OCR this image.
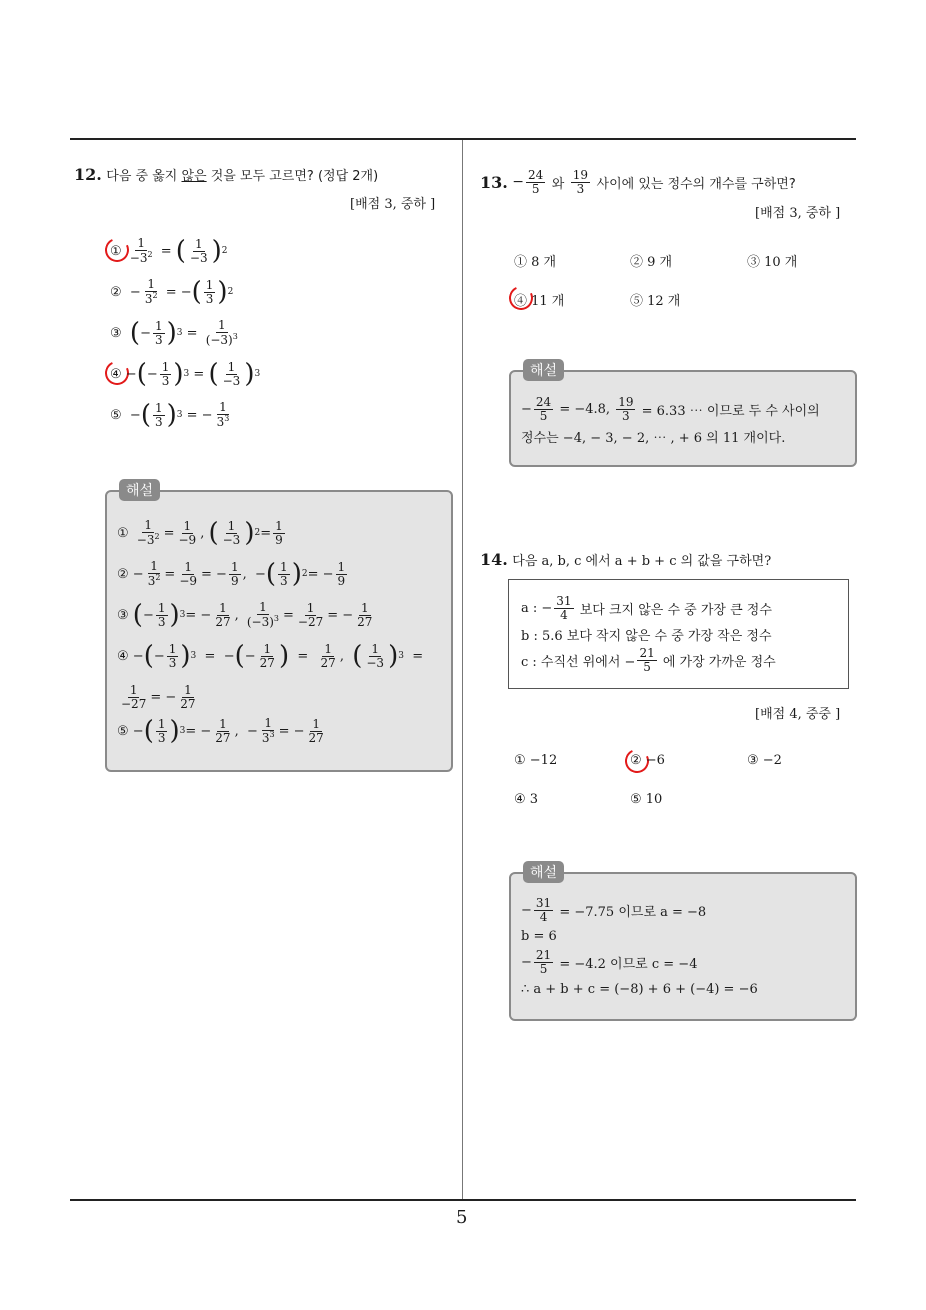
5
12. 다음 중 옳지 않은 것을 모두 고르면? (정답 2개)
[배점 3, 중하 ]
①
$\frac{1}{-3^2}$ = ( $\frac{1}{-3}$ ) 2
② − $\frac{1}{3^2}$ = − ( $\frac{1}{3}$ ) 2
③
( − $\frac{1}{3}$ ) $3 = \frac{1}{(-3)^3}$
④ − ( − $\frac{1}{3}$ ) 3 = ( $\frac{1}{-3}$ ) 3
⑤ − ( $\frac{1}{3}$ ) 3 = − $\frac{1}{3^3}$
해설
① $\frac{1}{-3^2} = \frac{1}{-9}$ , ( $\frac{1}{-3}$ ) $2 = \frac{1}{9}$
② − $\frac{1}{3^2} = \frac{1}{-9}$ = − $\frac{1}{9}$ ,  − ( $\frac{1}{3}$ ) 2 = − $\frac{1}{9}$
③ ( − $\frac{1}{3}$ ) 3 = − $\frac{1}{27}$ , $\frac{1}{(-3)^3} = \frac{1}{-27}$ = − $\frac{1}{27}$
④ − ( − $\frac{1}{3}$ ) 3 =  − ( − $\frac{1}{27}$ ) = $\frac{1}{27}$ , ( $\frac{1}{-3}$ ) 3 =
$\frac{1}{-27}$ = − $\frac{1}{27}$
⑤ − ( $\frac{1}{3}$ ) 3 = − $\frac{1}{27}$ ,  − $\frac{1}{3^3}$ = − $\frac{1}{27}$
13. − $\frac{24}{5}$
와
$\frac{19}{3}$
사이에 있는 정수의 개수를 구하면?
[배점 3, 중하 ]
① 8 개	② 9 개	③ 10 개
④ 11 개	⑤ 12 개
해설
− $\frac{24}{5}$
= −4.8,
$\frac{19}{3}$
= 6.33 ⋯ 이므로 두 수 사이의
정수는 −4, − 3, − 2, ⋯ , + 6 의 11 개이다.
14. 다음 a, b, c 에서 a + b + c 의 값을 구하면?
a : − $\frac{31}{4}$
보다 크지 않은 수 중 가장 큰 정수
b : 5.6 보다 작지 않은 수 중 가장 작은 정수
c : 수직선 위에서 − $\frac{21}{5}$
에 가장 가까운 정수
[배점 4, 중중 ]
① −12	② −6	③ −2
④ 3	⑤ 10
해설
− $\frac{31}{4}$
= −7.75 이므로 a = −8
b = 6
− $\frac{21}{5}$
= −4.2 이므로 c = −4
∴ a + b + c = (−8) + 6 + (−4) = −6
